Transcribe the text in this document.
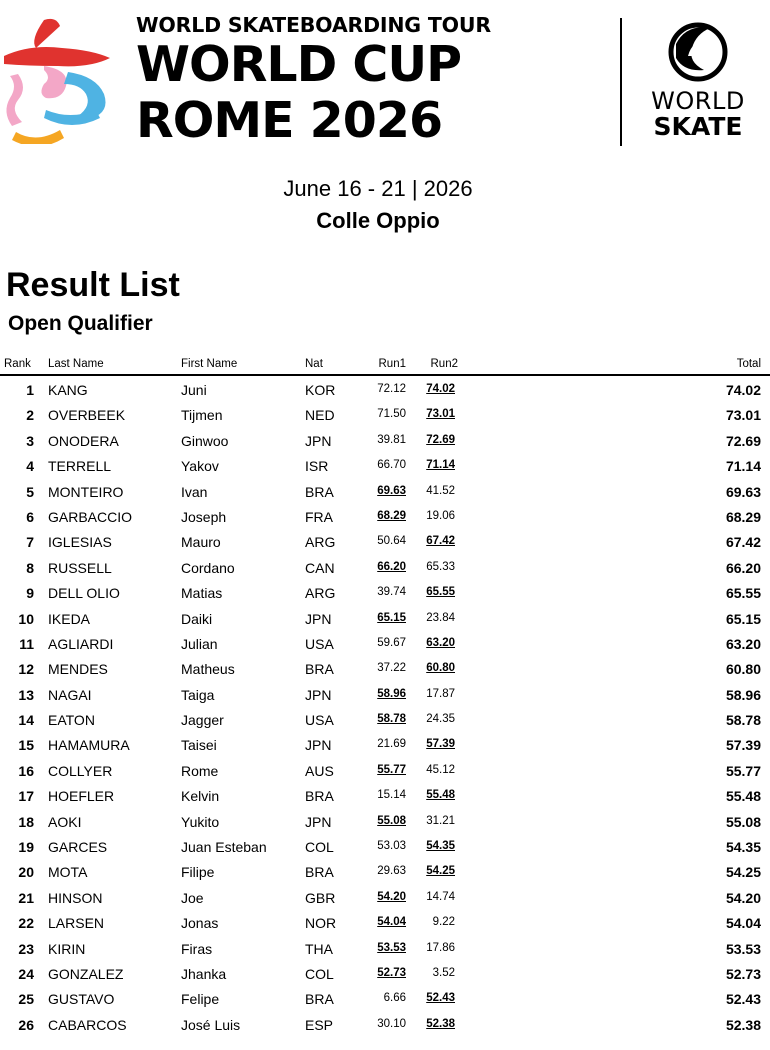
WORLD SKATEBOARDING TOUR
WORLD CUP
ROME 2026	WORLD
SKATE
June 16 - 21 | 2026
Colle Oppio
Result List
Open Qualifier
Rank Last Name	First Name	Nat	Run1	Run2	Total
1 KANG	Juni	KOR	72.12	74.02	74.02
2 OVERBEEK	Tijmen	NED	71.50	73.01	73.01
3 ONODERA	Ginwoo	JPN	39.81	72.69	72.69
4 TERRELL	Yakov	ISR	66.70	71.14	71.14
5 MONTEIRO	Ivan	BRA	69.63	41.52	69.63
6 GARBACCIO	Joseph	FRA	68.29	19.06	68.29
7 IGLESIAS	Mauro	ARG	50.64	67.42	67.42
8 RUSSELL	Cordano	CAN	66.20	65.33	66.20
9 DELL OLIO	Matias	ARG	39.74	65.55	65.55
10 IKEDA	Daiki	JPN	65.15	23.84	65.15
11 AGLIARDI	Julian	USA	59.67	63.20	63.20
12 MENDES	Matheus	BRA	37.22	60.80	60.80
13 NAGAI	Taiga	JPN	58.96	17.87	58.96
14 EATON	Jagger	USA	58.78	24.35	58.78
15 HAMAMURA	Taisei	JPN	21.69	57.39	57.39
16 COLLYER	Rome	AUS	55.77	45.12	55.77
17 HOEFLER	Kelvin	BRA	15.14	55.48	55.48
18 AOKI	Yukito	JPN	55.08	31.21	55.08
19 GARCES	Juan Esteban	COL	53.03	54.35	54.35
20 MOTA	Filipe	BRA	29.63	54.25	54.25
21 HINSON	Joe	GBR	54.20	14.74	54.20
22 LARSEN	Jonas	NOR	54.04	9.22	54.04
23 KIRIN	Firas	THA	53.53	17.86	53.53
24 GONZALEZ	Jhanka	COL	52.73	3.52	52.73
25 GUSTAVO	Felipe	BRA	6.66	52.43	52.43
26 CABARCOS	José Luis	ESP	30.10	52.38	52.38
